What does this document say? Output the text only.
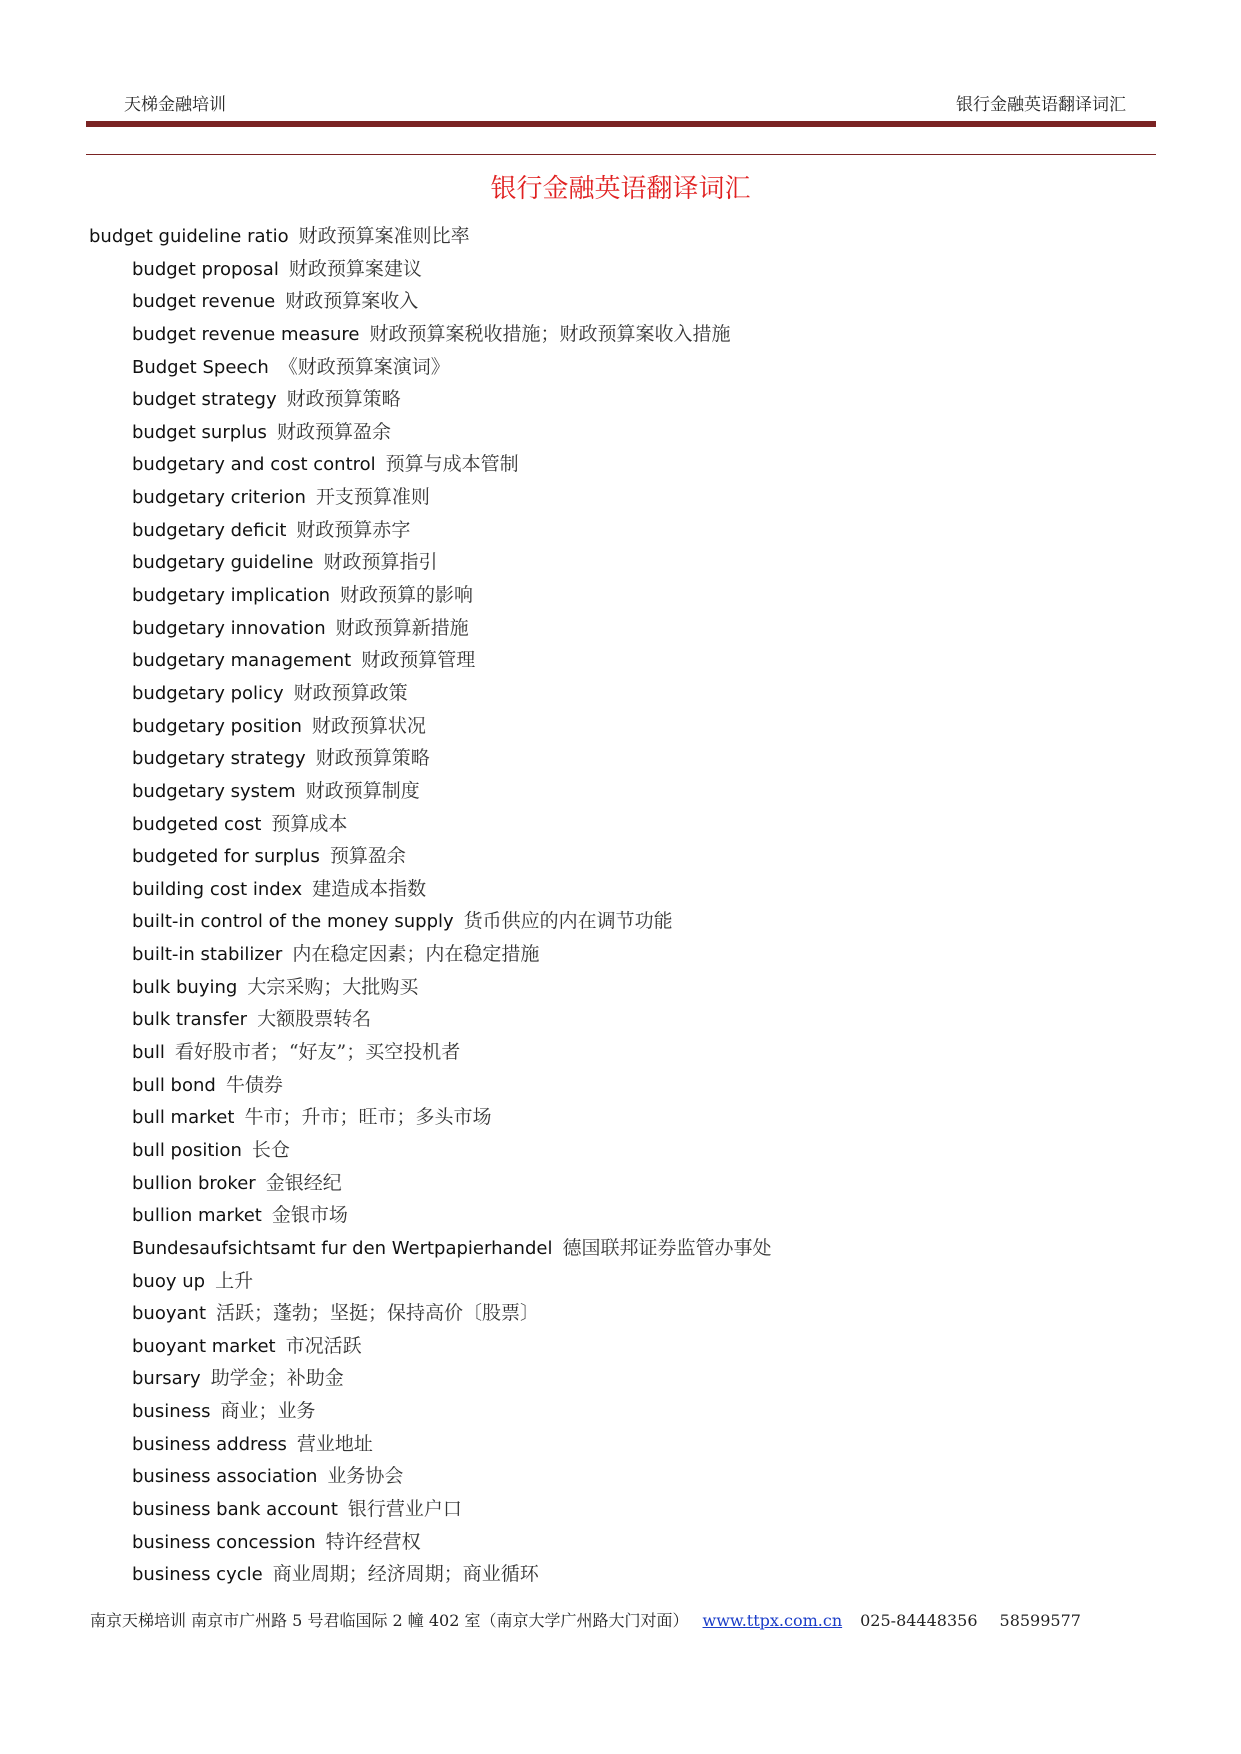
天梯金融培训	银行金融英语翻译词汇
银行金融英语翻译词汇
budget guideline ratio 财政预算案准则比率
budget proposal 财政预算案建议
budget revenue 财政预算案收入
budget revenue measure 财政预算案税收措施；财政预算案收入措施
Budget Speech 《财政预算案演词》
budget strategy 财政预算策略
budget surplus 财政预算盈余
budgetary and cost control 预算与成本管制
budgetary criterion 开支预算准则
budgetary deficit 财政预算赤字
budgetary guideline 财政预算指引
budgetary implication 财政预算的影响
budgetary innovation 财政预算新措施
budgetary management 财政预算管理
budgetary policy 财政预算政策
budgetary position 财政预算状况
budgetary strategy 财政预算策略
budgetary system 财政预算制度
budgeted cost 预算成本
budgeted for surplus 预算盈余
building cost index 建造成本指数
built-in control of the money supply 货币供应的内在调节功能
built-in stabilizer 内在稳定因素；内在稳定措施
bulk buying 大宗采购；大批购买
bulk transfer 大额股票转名
bull 看好股市者；“好友”；买空投机者
bull bond 牛债券
bull market 牛市；升市；旺市；多头市场
bull position 长仓
bullion broker 金银经纪
bullion market 金银市场
Bundesaufsichtsamt fur den Wertpapierhandel 德国联邦证券监管办事处
buoy up 上升
buoyant 活跃；蓬勃；坚挺；保持高价〔股票〕
buoyant market 市况活跃
bursary 助学金；补助金
business 商业；业务
business address 营业地址
business association 业务协会
business bank account 银行营业户口
business concession 特许经营权
business cycle 商业周期；经济周期；商业循环
南京天梯培训 南京市广州路 5 号君临国际 2 幢 402 室（南京大学广州路大门对面） www.ttpx.com.cn 025-84448356 58599577
